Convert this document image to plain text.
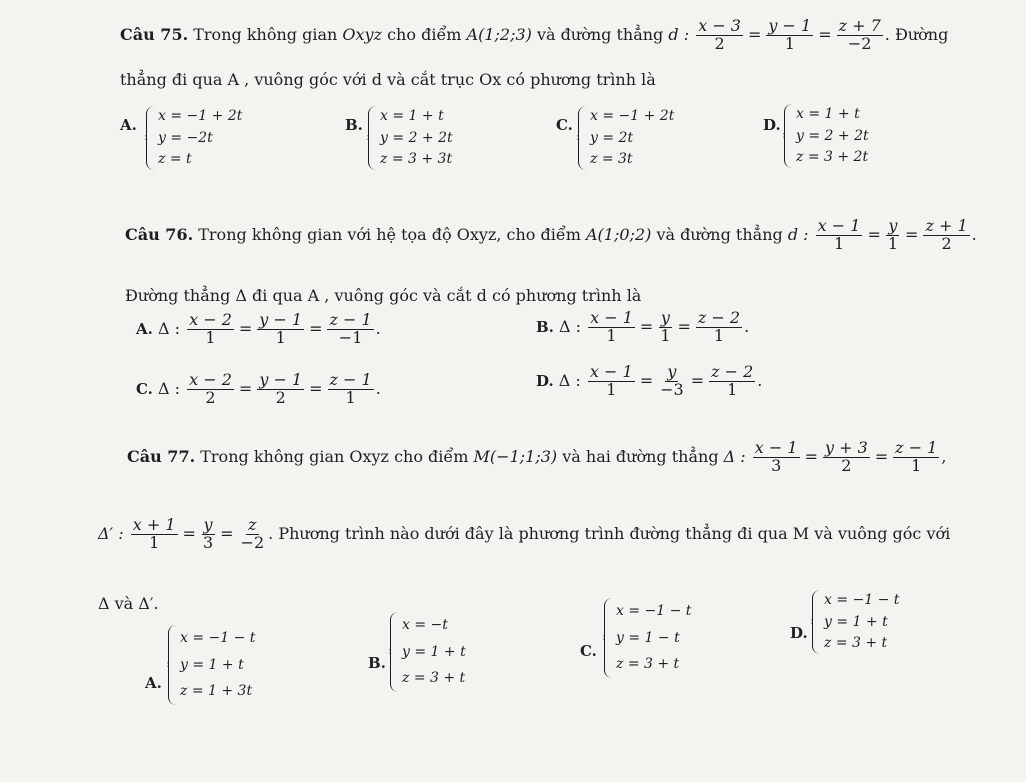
Câu 75. Trong không gian Oxyz cho điểm A(1;2;3) và đường thẳng d : $\frac{x - 3}{2} = \frac{y - 1}{1} = \frac{z + 7}{-2}$ . Đường
thẳng đi qua A , vuông góc với d và cắt trục Ox có phương trình là
A.
x = −1 + 2t
y = −2t
z = t
B.
x = 1 + t
y = 2 + 2t
z = 3 + 3t
C.
x = −1 + 2t
y = 2t
z = 3t
D.
x = 1 + t
y = 2 + 2t
z = 3 + 2t
Câu 76. Trong không gian với hệ tọa độ Oxyz, cho điểm A(1;0;2) và đường thẳng d : $\frac{x - 1}{1} = \frac{y}{1} = \frac{z + 1}{2}$ .
Đường thẳng Δ đi qua A , vuông góc và cắt d có phương trình là
A. Δ : $\frac{x - 2}{1} = \frac{y - 1}{1} = \frac{z - 1}{-1}$ .	B. Δ : $\frac{x - 1}{1} = \frac{y}{1} = \frac{z - 2}{1}$ .
C. Δ : $\frac{x - 2}{2} = \frac{y - 1}{2} = \frac{z - 1}{1}$ .	D. Δ : $\frac{x - 1}{1} = \frac{y}{-3} = \frac{z - 2}{1}$ .
Câu 77. Trong không gian Oxyz cho điểm M(−1;1;3) và hai đường thẳng Δ : $\frac{x - 1}{3} = \frac{y + 3}{2} = \frac{z - 1}{1}$ ,
Δ′ : $\frac{x + 1}{1} = \frac{y}{3} = \frac{z}{-2}$ . Phương trình nào dưới đây là phương trình đường thẳng đi qua M và vuông góc với
Δ và Δ′.
A.
x = −1 − t
y = 1 + t
z = 1 + 3t
B.
x = −t
y = 1 + t
z = 3 + t
C.
x = −1 − t
y = 1 − t
z = 3 + t
D.
x = −1 − t
y = 1 + t
z = 3 + t
